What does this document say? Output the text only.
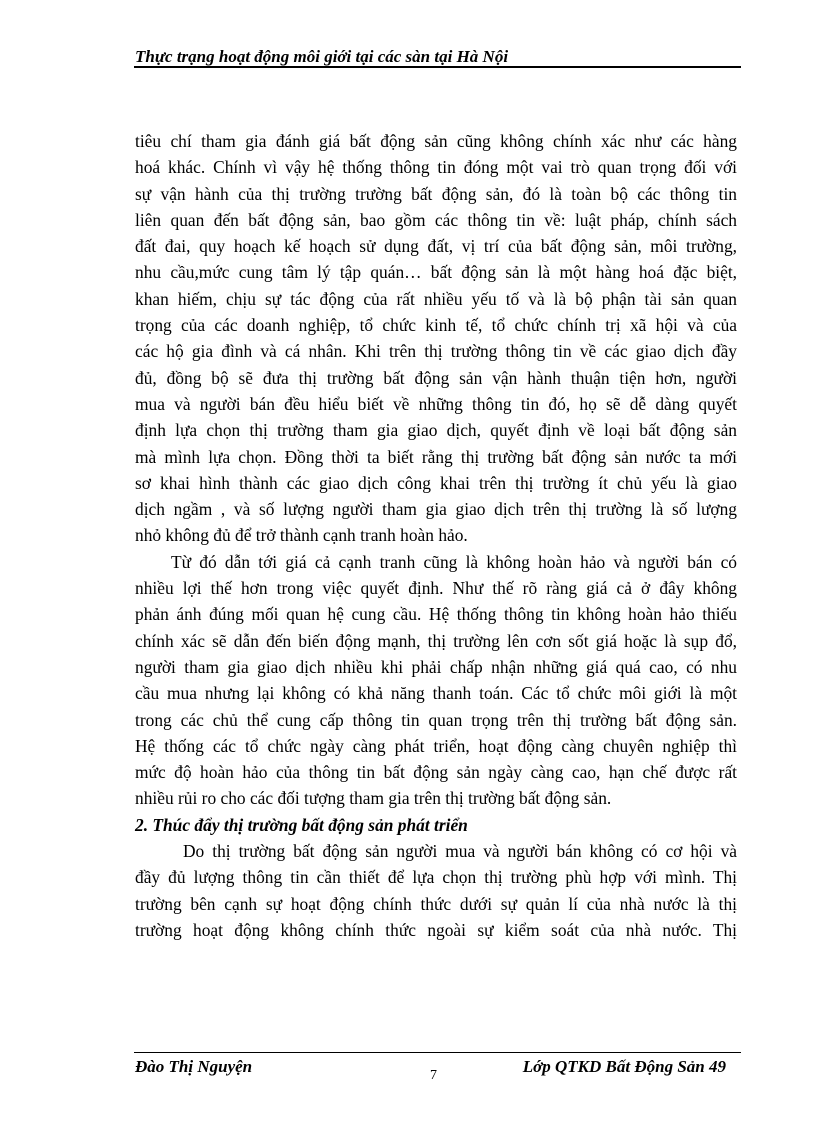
Thực trạng hoạt động môi giới tại các sàn tại Hà Nội
tiêu chí tham gia đánh giá bất động sản cũng không chính xác như các hàng
hoá khác. Chính vì vậy hệ thống thông tin đóng một vai trò quan trọng đối với
sự vận hành của thị trường trường bất động sản, đó là toàn bộ các thông tin
liên quan đến bất động sản, bao gồm các thông tin về: luật pháp, chính sách
đất đai, quy hoạch kế hoạch sử dụng đất, vị trí của bất động sản, môi trường,
nhu cầu,mức cung tâm lý tập quán… bất động sản là một hàng hoá đặc biệt,
khan hiếm, chịu sự tác động của rất nhiều yếu tố và là bộ phận tài sản quan
trọng của các doanh nghiệp, tổ chức kinh tế, tổ chức chính trị xã hội và của
các hộ gia đình và cá nhân. Khi trên thị trường thông tin về các giao dịch đầy
đủ, đồng bộ sẽ đưa thị trường bất động sản vận hành thuận tiện hơn, người
mua và người bán đều hiểu biết về những thông tin đó, họ sẽ dễ dàng quyết
định lựa chọn thị trường tham gia giao dịch, quyết định về loại bất động sản
mà mình lựa chọn. Đồng thời ta biết rằng thị trường bất động sản nước ta mới
sơ khai hình thành các giao dịch công khai trên thị trường ít chủ yếu là giao
dịch ngầm , và số lượng người tham gia giao dịch trên thị trường là số lượng
nhỏ không đủ để trở thành cạnh tranh hoàn hảo.
Từ đó dẫn tới giá cả cạnh tranh cũng là không hoàn hảo và người bán có
nhiều lợi thế hơn trong việc quyết định. Như thế rõ ràng giá cả ở đây không
phản ánh đúng mối quan hệ cung cầu. Hệ thống thông tin không hoàn hảo thiếu
chính xác sẽ dẫn đến biến động mạnh, thị trường lên cơn sốt giá hoặc là sụp đổ,
người tham gia giao dịch nhiều khi phải chấp nhận những giá quá cao, có nhu
cầu mua nhưng lại không có khả năng thanh toán. Các tổ chức môi giới là một
trong các chủ thể cung cấp thông tin quan trọng trên thị trường bất động sản.
Hệ thống các tổ chức ngày càng phát triển, hoạt động càng chuyên nghiệp thì
mức độ hoàn hảo của thông tin bất động sản ngày càng cao, hạn chế được rất
nhiều rủi ro cho các đối tượng tham gia trên thị trường bất động sản.
2. Thúc đẩy thị trường bất động sản phát triển
Do thị trường bất động sản người mua và người bán không có cơ hội và
đầy đủ lượng thông tin cần thiết để lựa chọn thị trường phù hợp với mình. Thị
trường bên cạnh sự hoạt động chính thức dưới sự quản lí của nhà nước là thị
trường hoạt động không chính thức ngoài sự kiểm soát của nhà nước. Thị
Đào Thị Nguyện	7	Lớp QTKD Bất Động Sản 49
